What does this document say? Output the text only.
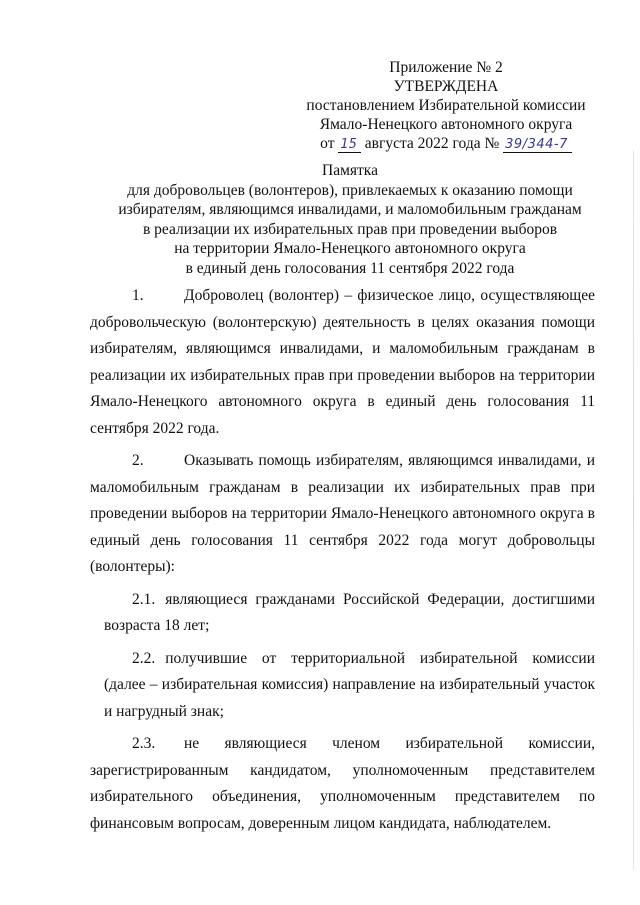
Приложение № 2
УТВЕРЖДЕНА
постановлением Избирательной комиссии
Ямало-Ненецкого автономного округа
от 15 августа 2022 года № 39/344-7
Памятка
для добровольцев (волонтеров), привлекаемых к оказанию помощи
избирателям, являющимся инвалидами, и маломобильным гражданам
в реализации их избирательных прав при проведении выборов
на территории Ямало-Ненецкого автономного округа
в единый день голосования 11 сентября 2022 года

1.	Доброволец (волонтер) – физическое лицо, осуществляющее добровольческую (волонтерскую) деятельность в целях оказания помощи избирателям, являющимся инвалидами, и маломобильным гражданам в реализации их избирательных прав при проведении выборов на территории Ямало-Ненецкого автономного округа в единый день голосования 11 сентября 2022 года.

2.	Оказывать помощь избирателям, являющимся инвалидами, и маломобильным гражданам в реализации их избирательных прав при проведении выборов на территории Ямало-Ненецкого автономного округа в единый день голосования 11 сентября 2022 года могут добровольцы (волонтеры):

2.1. являющиеся гражданами Российской Федерации, достигшими возраста 18 лет;

2.2. получившие от территориальной избирательной комиссии (далее – избирательная комиссия) направление на избирательный участок и нагрудный знак;

2.3. не являющиеся членом избирательной комиссии, зарегистрированным кандидатом, уполномоченным представителем избирательного объединения, уполномоченным представителем по финансовым вопросам, доверенным лицом кандидата, наблюдателем.
